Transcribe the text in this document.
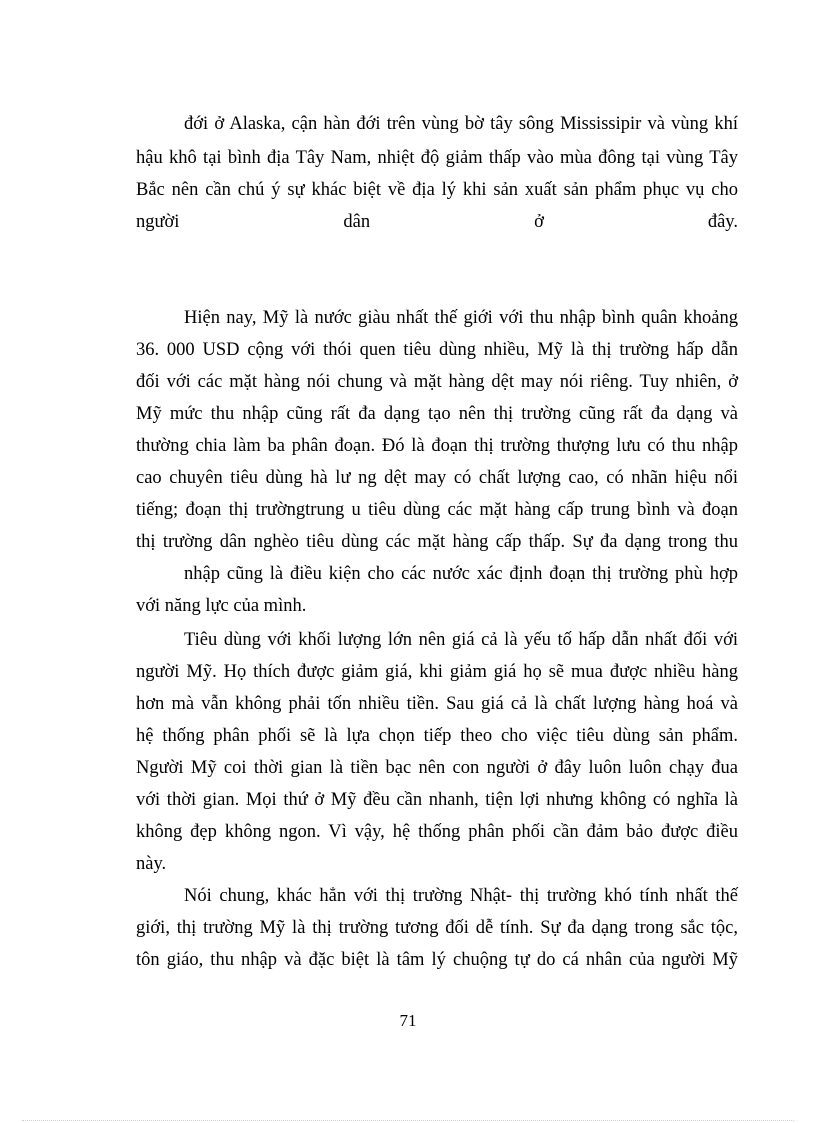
đới ở Alaska, cận hàn đới trên vùng bờ tây sông Mississipir và vùng khí
hậu khô tại bình địa Tây Nam, nhiệt độ giảm thấp vào mùa đông tại vùng Tây
Bắc nên cần chú ý sự khác biệt về địa lý khi sản xuất sản phẩm phục vụ cho
người dân ở đây.
Hiện nay, Mỹ là nước giàu nhất thế giới với thu nhập bình quân khoảng
36. 000 USD cộng với thói quen tiêu dùng nhiều, Mỹ là thị trường hấp dẫn
đối với các mặt hàng nói chung và mặt hàng dệt may nói riêng. Tuy nhiên, ở
Mỹ mức thu nhập cũng rất đa dạng tạo nên thị trường cũng rất đa dạng và
thường chia làm ba phân đoạn. Đó là đoạn thị trường thượng lưu có thu nhập
cao chuyên tiêu dùng hà lư ng dệt may có chất lượng cao, có nhãn hiệu nổi
tiếng; đoạn thị trườngtrung u tiêu dùng các mặt hàng cấp trung bình và đoạn
thị trường dân nghèo tiêu dùng các mặt hàng cấp thấp. Sự đa dạng trong thu
nhập cũng là điều kiện cho các nước xác định đoạn thị trường phù hợp
với năng lực của mình.
Tiêu dùng với khối lượng lớn nên giá cả là yếu tố hấp dẫn nhất đối với
người Mỹ. Họ thích được giảm giá, khi giảm giá họ sẽ mua được nhiều hàng
hơn mà vẫn không phải tốn nhiều tiền. Sau giá cả là chất lượng hàng hoá và
hệ thống phân phối sẽ là lựa chọn tiếp theo cho việc tiêu dùng sản phẩm.
Người Mỹ coi thời gian là tiền bạc nên con người ở đây luôn luôn chạy đua
với thời gian. Mọi thứ ở Mỹ đều cần nhanh, tiện lợi nhưng không có nghĩa là
không đẹp không ngon. Vì vậy, hệ thống phân phối cần đảm bảo được điều
này.
Nói chung, khác hẳn với thị trường Nhật- thị trường khó tính nhất thế
giới, thị trường Mỹ là thị trường tương đối dễ tính. Sự đa dạng trong sắc tộc,
tôn giáo, thu nhập và đặc biệt là tâm lý chuộng tự do cá nhân của người Mỹ
71
